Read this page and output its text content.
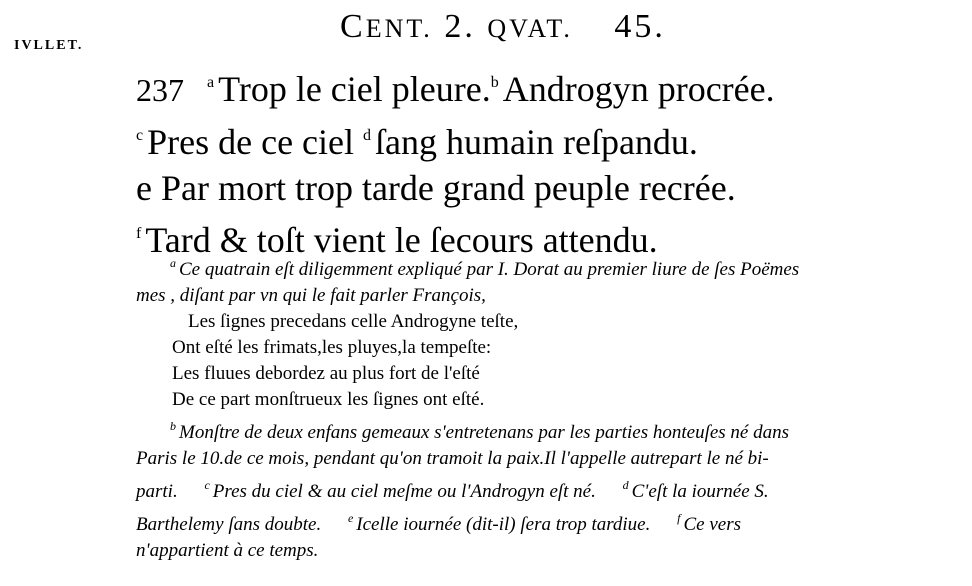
IVLLET.
CENT. 2. QVAT. 45.
237 $^a$ Trop le ciel pleure.$^b$ Androgyn procrée.
$^c$ Pres de ce ciel $^d$ ſang humain reſpandu.
e Par mort trop tarde grand peuple recrée.
$^f$ Tard & toſt vient le ſecours attendu.
$^a$ Ce quatrain eſt diligemment expliqué par I. Dorat au premier liure de ſes Poëmes
mes , diſant par vn qui le fait parler François,
Les ſignes precedans celle Androgyne teſte,
Ont eſté les frimats,les pluyes,la tempeſte:
Les fluues debordez au plus fort de l'eſté
De ce part monſtrueux les ſignes ont eſté.
$^b$ Monſtre de deux enfans gemeaux s'entretenans par les parties honteuſes né dans
Paris le 10.de ce mois, pendant qu'on tramoit la paix.Il l'appelle autrepart le né bi-
parti. $^c$ Pres du ciel & au ciel meſme ou l'Androgyn eſt né. $^d$ C'eſt la iournée S.
Barthelemy ſans doubte. $^e$ Icelle iournée (dit-il) ſera trop tardiue. $^f$ Ce vers
n'appartient à ce temps.
